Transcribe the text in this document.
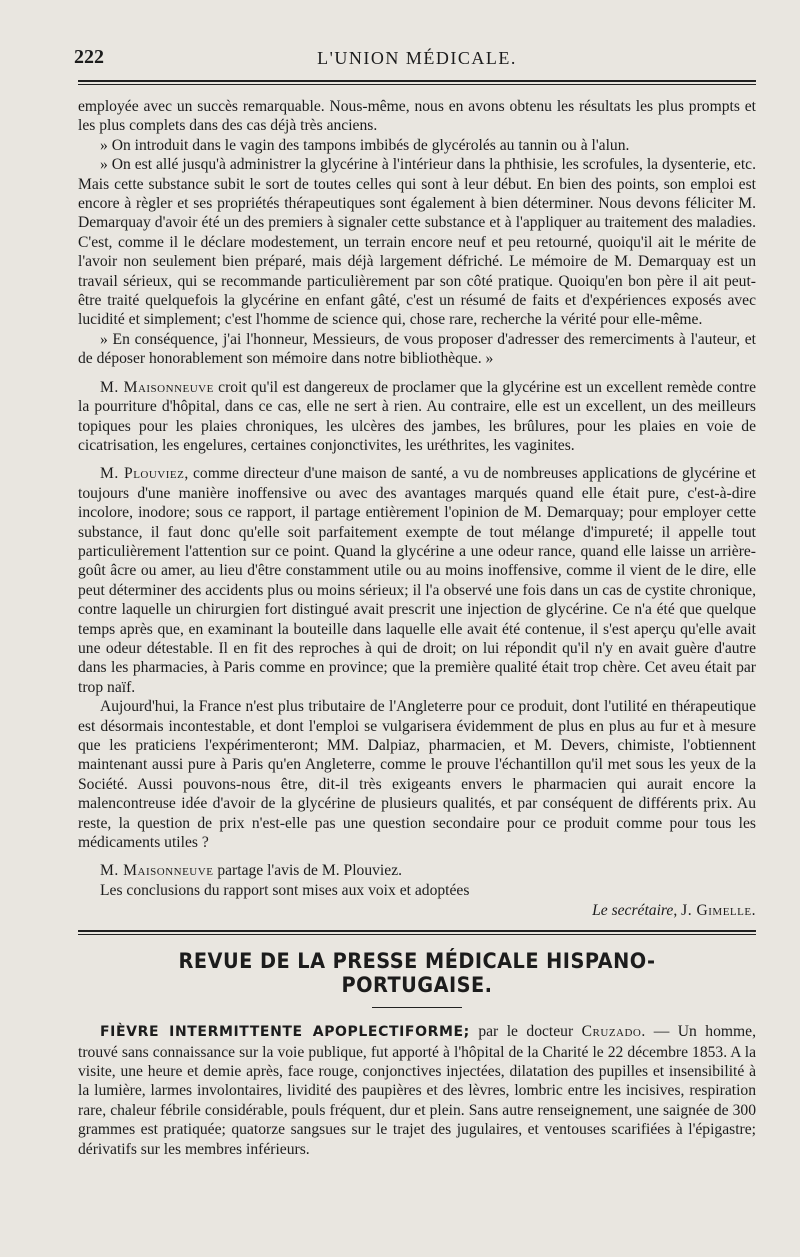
222	L'UNION MÉDICALE.

employée avec un succès remarquable. Nous-même, nous en avons obtenu les résultats les plus prompts et les plus complets dans des cas déjà très anciens.

» On introduit dans le vagin des tampons imbibés de glycérolés au tannin ou à l'alun.

» On est allé jusqu'à administrer la glycérine à l'intérieur dans la phthisie, les scrofules, la dysenterie, etc. Mais cette substance subit le sort de toutes celles qui sont à leur début. En bien des points, son emploi est encore à règler et ses propriétés thérapeutiques sont également à bien déterminer. Nous devons féliciter M. Demarquay d'avoir été un des premiers à signaler cette substance et à l'appliquer au traitement des maladies. C'est, comme il le déclare modestement, un terrain encore neuf et peu retourné, quoiqu'il ait le mérite de l'avoir non seulement bien préparé, mais déjà largement défriché. Le mémoire de M. Demarquay est un travail sérieux, qui se recommande particulièrement par son côté pratique. Quoiqu'en bon père il ait peut-être traité quelquefois la glycérine en enfant gâté, c'est un résumé de faits et d'expériences exposés avec lucidité et simplement; c'est l'homme de science qui, chose rare, recherche la vérité pour elle-même.

» En conséquence, j'ai l'honneur, Messieurs, de vous proposer d'adresser des remerciments à l'auteur, et de déposer honorablement son mémoire dans notre bibliothèque. »

M. Maisonneuve croit qu'il est dangereux de proclamer que la glycérine est un excellent remède contre la pourriture d'hôpital, dans ce cas, elle ne sert à rien. Au contraire, elle est un excellent, un des meilleurs topiques pour les plaies chroniques, les ulcères des jambes, les brûlures, pour les plaies en voie de cicatrisation, les engelures, certaines conjonctivites, les uréthrites, les vaginites.

M. Plouviez, comme directeur d'une maison de santé, a vu de nombreuses applications de glycérine et toujours d'une manière inoffensive ou avec des avantages marqués quand elle était pure, c'est-à-dire incolore, inodore; sous ce rapport, il partage entièrement l'opinion de M. Demarquay; pour employer cette substance, il faut donc qu'elle soit parfaitement exempte de tout mélange d'impureté; il appelle tout particulièrement l'attention sur ce point. Quand la glycérine a une odeur rance, quand elle laisse un arrière-goût âcre ou amer, au lieu d'être constamment utile ou au moins inoffensive, comme il vient de le dire, elle peut déterminer des accidents plus ou moins sérieux; il l'a observé une fois dans un cas de cystite chronique, contre laquelle un chirurgien fort distingué avait prescrit une injection de glycérine. Ce n'a été que quelque temps après que, en examinant la bouteille dans laquelle elle avait été contenue, il s'est aperçu qu'elle avait une odeur détestable. Il en fit des reproches à qui de droit; on lui répondit qu'il n'y en avait guère d'autre dans les pharmacies, à Paris comme en province; que la première qualité était trop chère. Cet aveu était par trop naïf.

Aujourd'hui, la France n'est plus tributaire de l'Angleterre pour ce produit, dont l'utilité en thérapeutique est désormais incontestable, et dont l'emploi se vulgarisera évidemment de plus en plus au fur et à mesure que les praticiens l'expérimenteront; MM. Dalpiaz, pharmacien, et M. Devers, chimiste, l'obtiennent maintenant aussi pure à Paris qu'en Angleterre, comme le prouve l'échantillon qu'il met sous les yeux de la Société. Aussi pouvons-nous être, dit-il très exigeants envers le pharmacien qui aurait encore la malencontreuse idée d'avoir de la glycérine de plusieurs qualités, et par conséquent de différents prix. Au reste, la question de prix n'est-elle pas une question secondaire pour ce produit comme pour tous les médicaments utiles ?

M. Maisonneuve partage l'avis de M. Plouviez.

Les conclusions du rapport sont mises aux voix et adoptées

Le secrétaire, J. Gimelle.
REVUE DE LA PRESSE MÉDICALE HISPANO-PORTUGAISE.

FIÈVRE INTERMITTENTE APOPLECTIFORME; par le docteur Cruzado. — Un homme, trouvé sans connaissance sur la voie publique, fut apporté à l'hôpital de la Charité le 22 décembre 1853. A la visite, une heure et demie après, face rouge, conjonctives injectées, dilatation des pupilles et insensibilité à la lumière, larmes involontaires, lividité des paupières et des lèvres, lombric entre les incisives, respiration rare, chaleur fébrile considérable, pouls fréquent, dur et plein. Sans autre renseignement, une saignée de 300 grammes est pratiquée; quatorze sangsues sur le trajet des jugulaires, et ventouses scarifiées à l'épigastre; dérivatifs sur les membres inférieurs.
